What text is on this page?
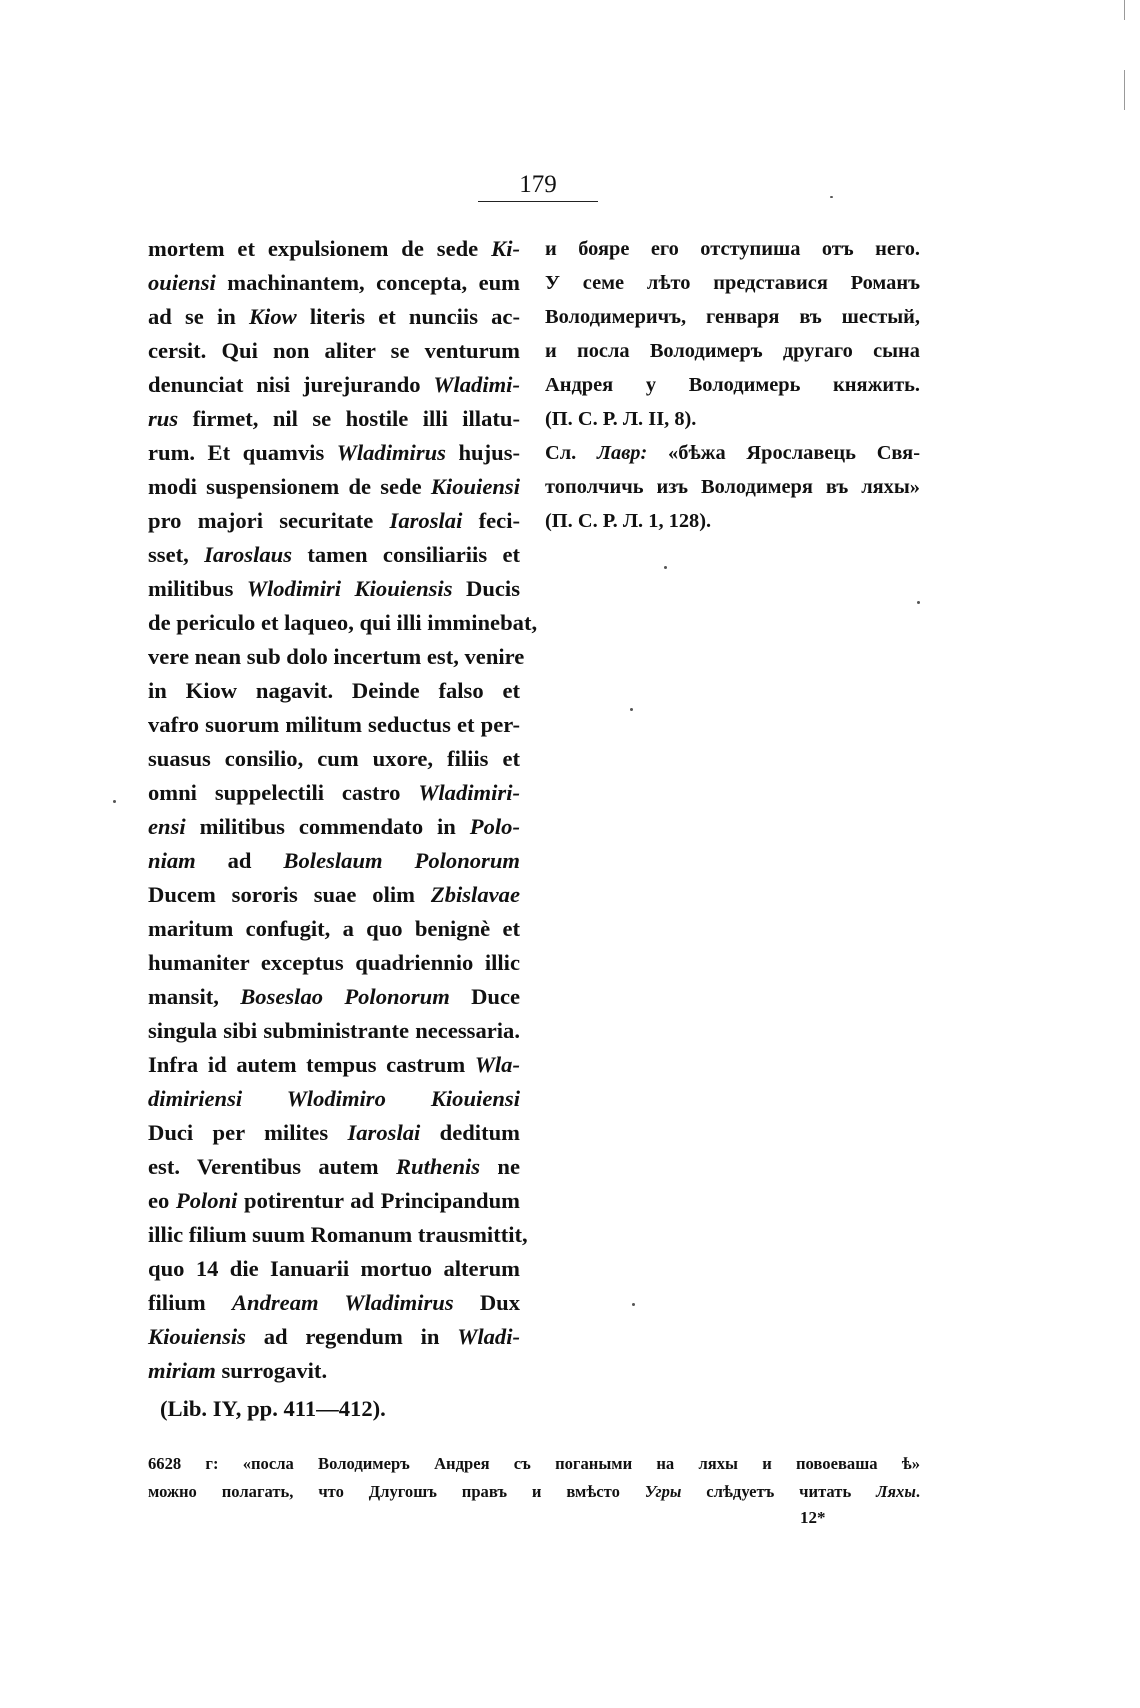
179
mortem et expulsionem de sede Ki-
ouiensi machinantem, concepta, eum
ad se in Kiow literis et nunciis ac-
cersit. Qui non aliter se venturum
denunciat nisi jurejurando Wladimi-
rus firmet, nil se hostile illi illatu-
rum. Et quamvis Wladimirus hujus-
modi suspensionem de sede Kiouiensi
pro majori securitate Iaroslai feci-
sset, Iaroslaus tamen consiliariis et
militibus Wlodimiri Kiouiensis Ducis
de periculo et laqueo, qui illi imminebat,
vere nean sub dolo incertum est, venire
in Kiow nagavit. Deinde falso et
vafro suorum militum seductus et per-
suasus consilio, cum uxore, filiis et
omni suppelectili castro Wladimiri-
ensi militibus commendato in Polo-
niam ad Boleslaum Polonorum
Ducem sororis suae olim Zbislavae
maritum confugit, a quo benignè et
humaniter exceptus quadriennio illic
mansit, Boseslao Polonorum Duce
singula sibi subministrante necessaria.
Infra id autem tempus castrum Wla-
dimiriensi Wlodimiro Kiouiensi
Duci per milites Iaroslai deditum
est. Verentibus autem Ruthenis ne
eo Poloni potirentur ad Principandum
illic filium suum Romanum trausmittit,
quo 14 die Ianuarii mortuo alterum
filium Andream Wladimirus Dux
Kiouiensis ad regendum in Wladi-
miriam surrogavit.
(Lib. IY, pp. 411—412).
и бояре его отступиша отъ него.
У семе лѣто представися Романъ
Володимеричъ, генваря въ шестый,
и посла Володимеръ другаго сына
Андрея у Володимерь княжить.
(П. С. Р. Л. II, 8).
Сл. Лавр: «бѣжа Ярославець Свя-
тополчичь изъ Володимеря въ ляхы»
(П. С. Р. Л. 1, 128).
6628 г: «посла Володимеръ Андрея съ погаными на ляхы и повоеваш​а ѣ»
можно полагать, что Длугошъ правъ и вмѣсто Угры слѣдуетъ читать Ляхы.
12*
